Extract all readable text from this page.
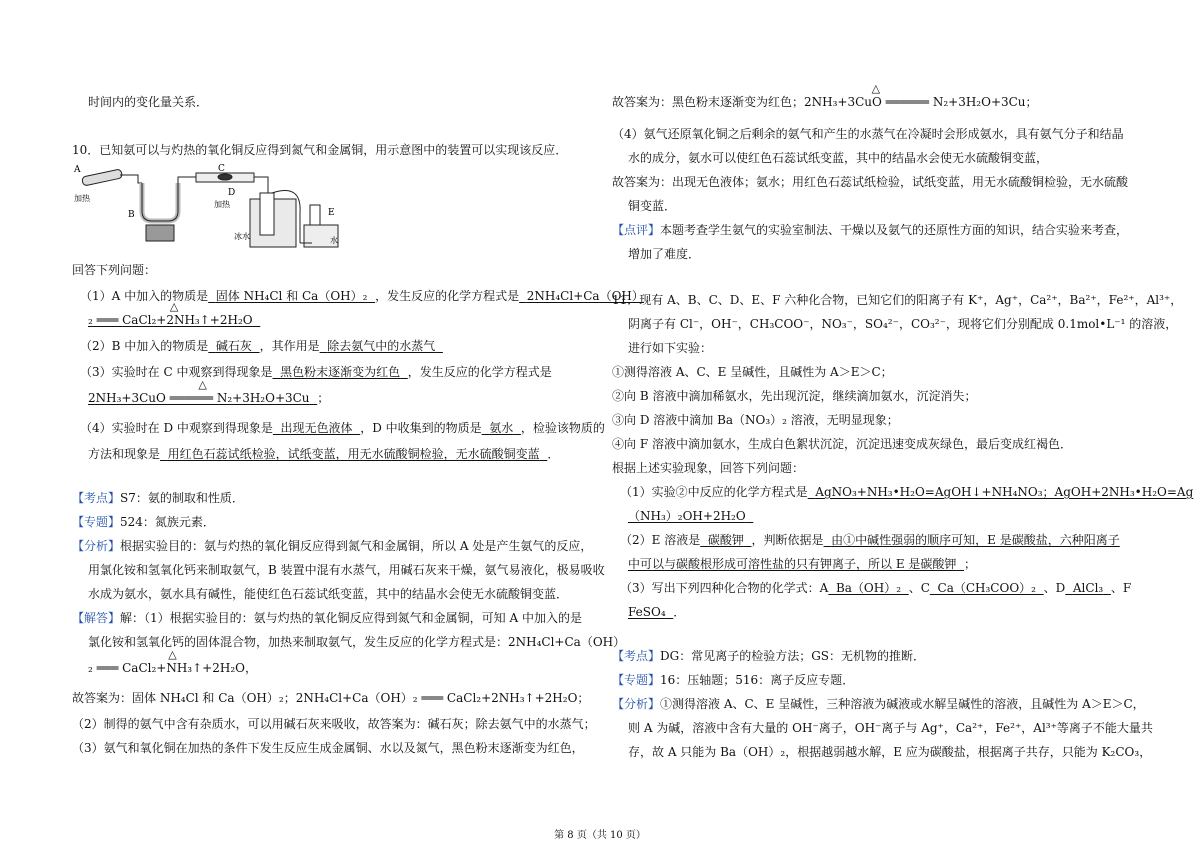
时间内的变化量关系．
10．已知氨可以与灼热的氧化铜反应得到氮气和金属铜，用示意图中的装置可以实现该反应．
A
加热
B
C
D
加热
E
冰水	水
回答下列问题：
（1）A 中加入的物质是 固体 NH₄Cl 和 Ca（OH）₂ ，发生反应的化学方程式是 2NH₄Cl+Ca（OH）
△
₂ ═══ CaCl₂+2NH₃↑+2H₂O
（2）B 中加入的物质是 碱石灰 ，其作用是 除去氨气中的水蒸气
（3）实验时在 C 中观察到得现象是 黑色粉末逐渐变为红色 ，发生反应的化学方程式是
△
2NH₃+3CuO ══════ N₂+3H₂O+3Cu ；
（4）实验时在 D 中观察到得现象是 出现无色液体 ，D 中收集到的物质是 氨水 ，检验该物质的
方法和现象是 用红色石蕊试纸检验，试纸变蓝，用无水硫酸铜检验，无水硫酸铜变蓝 ．
【考点】S7：氨的制取和性质．
【专题】524：氮族元素．
【分析】根据实验目的：氨与灼热的氧化铜反应得到氮气和金属铜，所以 A 处是产生氨气的反应，
用氯化铵和氢氧化钙来制取氨气，B 装置中混有水蒸气，用碱石灰来干燥，氨气易液化，极易吸收
水成为氨水，氨水具有碱性，能使红色石蕊试纸变蓝，其中的结晶水会使无水硫酸铜变蓝．
【解答】解：（1）根据实验目的：氨与灼热的氧化铜反应得到氮气和金属铜，可知 A 中加入的是
氯化铵和氢氧化钙的固体混合物，加热来制取氨气，发生反应的化学方程式是：2NH₄Cl+Ca（OH）
△
₂ ═══ CaCl₂+NH₃↑+2H₂O，
故答案为：固体 NH₄Cl 和 Ca（OH）₂；2NH₄Cl+Ca（OH）₂ ═══ CaCl₂+2NH₃↑+2H₂O；
（2）制得的氨气中含有杂质水，可以用碱石灰来吸收，故答案为：碱石灰；除去氨气中的水蒸气；
（3）氨气和氧化铜在加热的条件下发生反应生成金属铜、水以及氮气，黑色粉末逐渐变为红色，
△
故答案为：黑色粉末逐渐变为红色；2NH₃+3CuO ══════ N₂+3H₂O+3Cu；
（4）氨气还原氧化铜之后剩余的氨气和产生的水蒸气在冷凝时会形成氨水，具有氨气分子和结晶
水的成分，氨水可以使红色石蕊试纸变蓝，其中的结晶水会使无水硫酸铜变蓝，
故答案为：出现无色液体；氨水；用红色石蕊试纸检验，试纸变蓝，用无水硫酸铜检验，无水硫酸
铜变蓝．
【点评】本题考查学生氨气的实验室制法、干燥以及氨气的还原性方面的知识，结合实验来考查，
增加了难度．
11．现有 A、B、C、D、E、F 六种化合物，已知它们的阳离子有 K⁺，Ag⁺，Ca²⁺，Ba²⁺，Fe²⁺，Al³⁺，
阴离子有 Cl⁻，OH⁻，CH₃COO⁻，NO₃⁻，SO₄²⁻，CO₃²⁻，现将它们分别配成 0.1mol•L⁻¹ 的溶液，
进行如下实验：
①测得溶液 A、C、E 呈碱性，且碱性为 A＞E＞C；
②向 B 溶液中滴加稀氨水，先出现沉淀，继续滴加氨水，沉淀消失；
③向 D 溶液中滴加 Ba（NO₃）₂ 溶液，无明显现象；
④向 F 溶液中滴加氨水，生成白色絮状沉淀，沉淀迅速变成灰绿色，最后变成红褐色．
根据上述实验现象，回答下列问题：
（1）实验②中反应的化学方程式是 AgNO₃+NH₃•H₂O=AgOH↓+NH₄NO₃；AgOH+2NH₃•H₂O=Ag
（NH₃）₂OH+2H₂O
（2）E 溶液是 碳酸钾 ，判断依据是 由①中碱性强弱的顺序可知，E 是碳酸盐，六种阳离子
中可以与碳酸根形成可溶性盐的只有钾离子，所以 E 是碳酸钾 ；
（3）写出下列四种化合物的化学式：A Ba（OH）₂ 、C Ca（CH₃COO）₂ 、D AlCl₃ 、F
FeSO₄ ．
【考点】DG：常见离子的检验方法；GS：无机物的推断．
【专题】16：压轴题；516：离子反应专题．
【分析】①测得溶液 A、C、E 呈碱性，三种溶液为碱液或水解呈碱性的溶液，且碱性为 A＞E＞C，
则 A 为碱，溶液中含有大量的 OH⁻离子，OH⁻离子与 Ag⁺，Ca²⁺，Fe²⁺，Al³⁺等离子不能大量共
存，故 A 只能为 Ba（OH）₂，根据越弱越水解，E 应为碳酸盐，根据离子共存，只能为 K₂CO₃，
第 8 页（共 10 页）
